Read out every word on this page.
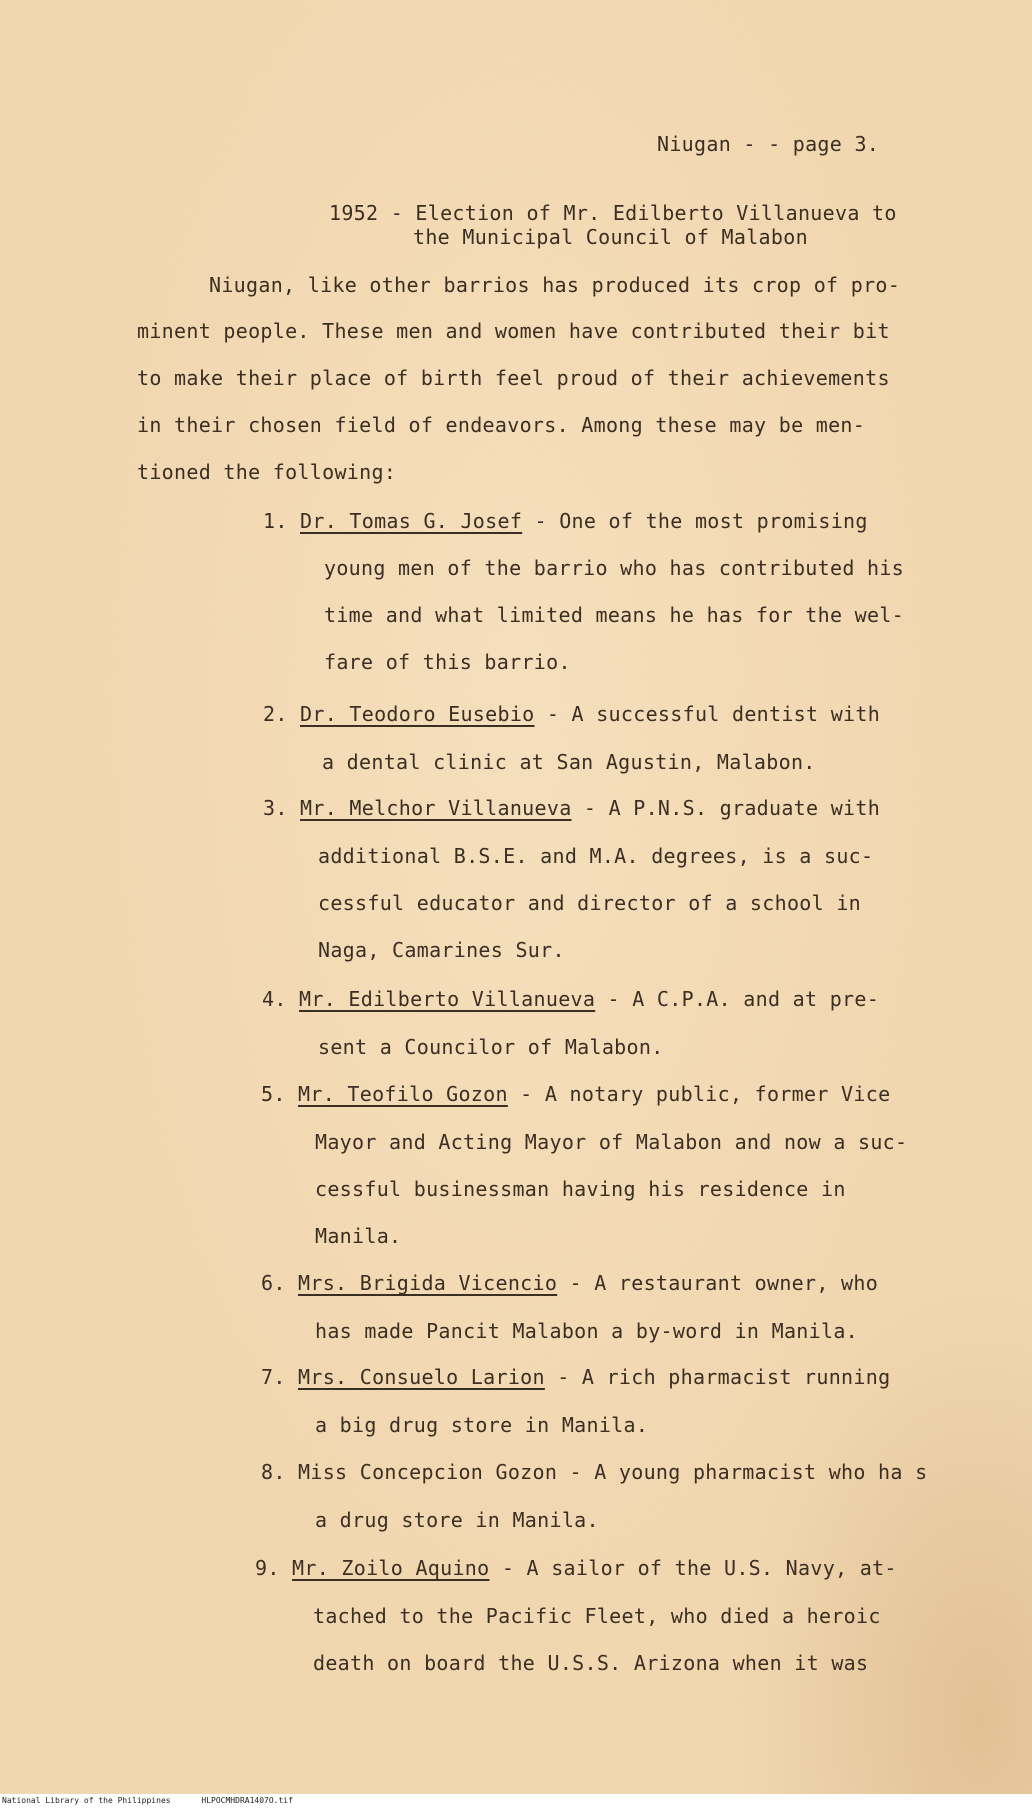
Niugan - - page 3.
1952 - Election of Mr. Edilberto Villanueva to
the Municipal Council of Malabon
Niugan, like other barrios has produced its crop of pro-
minent people. These men and women have contributed their bit
to make their place of birth feel proud of their achievements
in their chosen field of endeavors. Among these may be men-
tioned the following:
1. Dr. Tomas G. Josef - One of the most promising
young men of the barrio who has contributed his
time and what limited means he has for the wel-
fare of this barrio.
2. Dr. Teodoro Eusebio - A successful dentist with
a dental clinic at San Agustin, Malabon.
3. Mr. Melchor Villanueva - A P.N.S. graduate with
additional B.S.E. and M.A. degrees, is a suc-
cessful educator and director of a school in
Naga, Camarines Sur.
4. Mr. Edilberto Villanueva - A C.P.A. and at pre-
sent a Councilor of Malabon.
5. Mr. Teofilo Gozon - A notary public, former Vice
Mayor and Acting Mayor of Malabon and now a suc-
cessful businessman having his residence in
Manila.
6. Mrs. Brigida Vicencio - A restaurant owner, who
has made Pancit Malabon a by-word in Manila.
7. Mrs. Consuelo Larion - A rich pharmacist running
a big drug store in Manila.
8. Miss Concepcion Gozon - A young pharmacist who ha s
a drug store in Manila.
9. Mr. Zoilo Aquino - A sailor of the U.S. Navy, at-
tached to the Pacific Fleet, who died a heroic
death on board the U.S.S. Arizona when it was
National Library of the Philippines	HLPOCMHDRA1407O.tif
